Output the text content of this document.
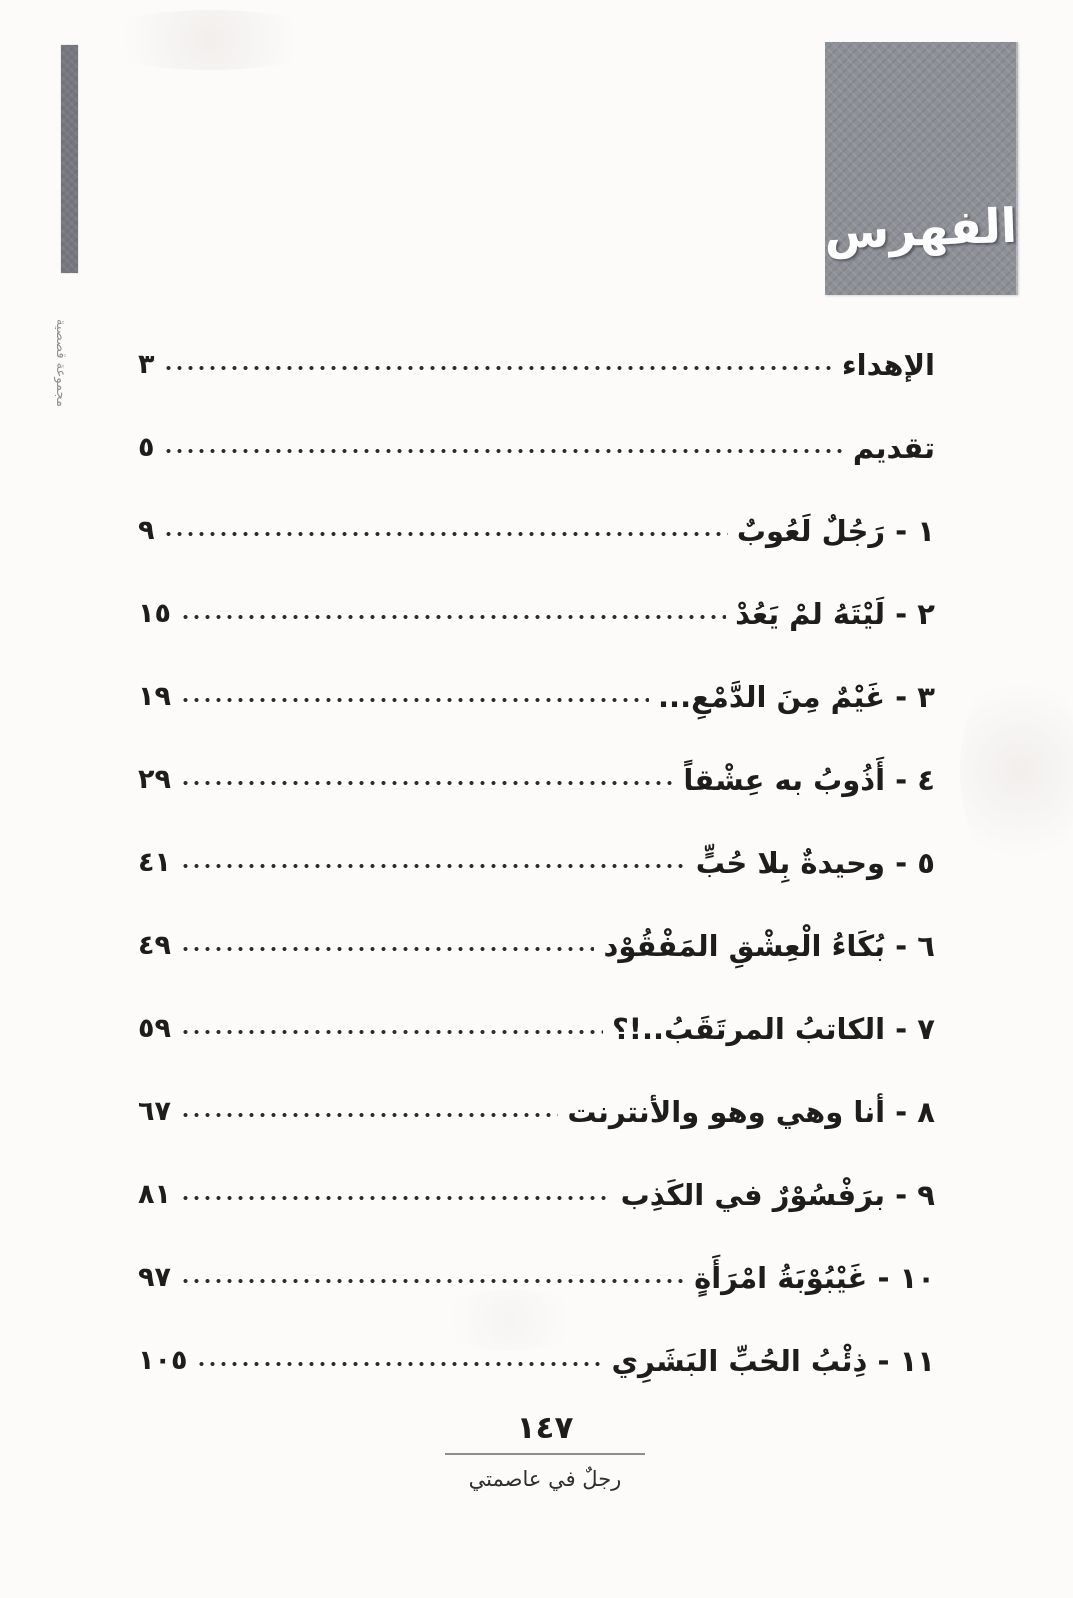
مجموعة قصصية
الفهرس
الإهداء
٣
تقديم
٥
١ - رَجُلٌ لَعُوبٌ
٩
٢ - لَيْتَهُ لمْ يَعُدْ
١٥
٣ - غَيْمٌ مِنَ الدَّمْعِ...
١٩
٤ - أَذُوبُ به عِشْقاً
٢٩
٥ - وحيدةٌ بِلا حُبٍّ
٤١
٦ - بُكَاءُ الْعِشْقِ المَفْقُوْد
٤٩
٧ - الكاتبُ المرتَقَبُ..!؟
٥٩
٨ - أنا وهي وهو والأنترنت
٦٧
٩ - برَفْسُوْرٌ في الكَذِب
٨١
١٠ - غَيْبُوْبَةُ امْرَأَةٍ
٩٧
١١ - ذِئْبُ الحُبِّ البَشَرِي
١٠٥
١٤٧
رجلٌ في عاصمتي
